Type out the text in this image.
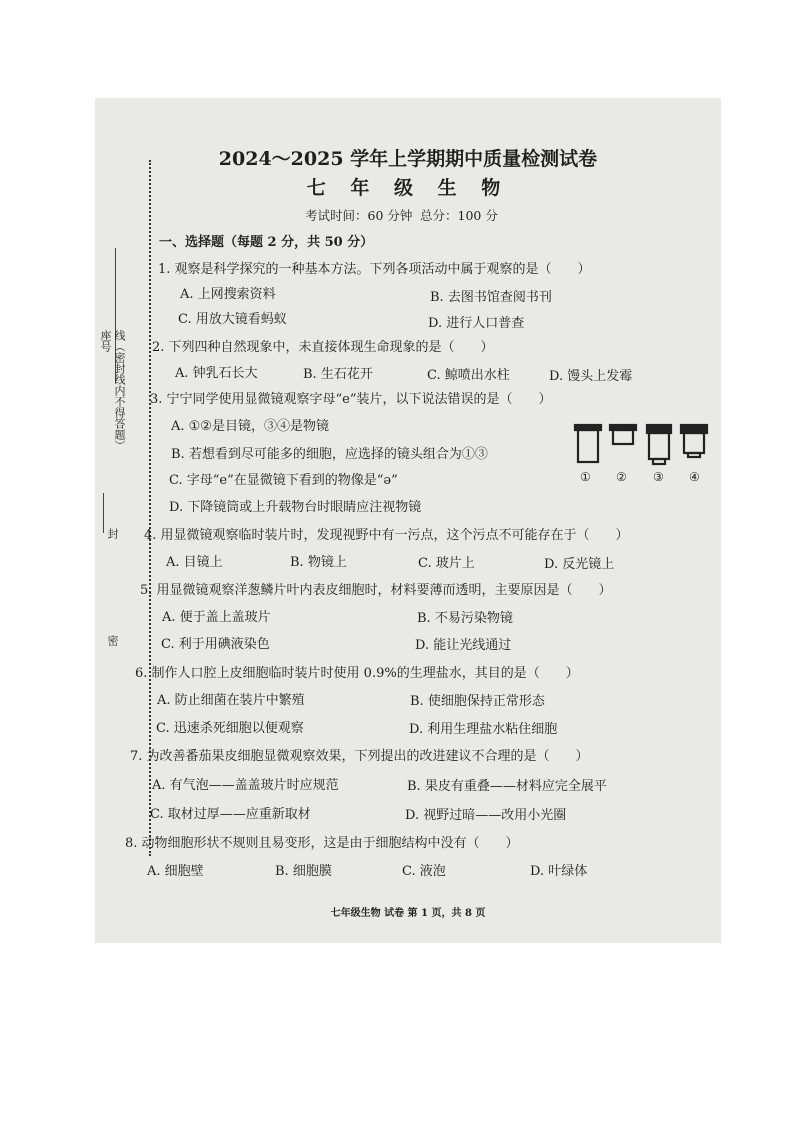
座号 线（密封线内不得答题）
封
密
2024～2025 学年上学期期中质量检测试卷
七 年 级 生 物
考试时间：60 分钟 总分：100 分
一、选择题（每题 2 分，共 50 分）
1. 观察是科学探究的一种基本方法。下列各项活动中属于观察的是（　　）
A. 上网搜索资料	B. 去图书馆查阅书刊
C. 用放大镜看蚂蚁	D. 进行人口普查
2. 下列四种自然现象中，未直接体现生命现象的是（　　）
A. 钟乳石长大	B. 生石花开	C. 鲸喷出水柱	D. 馒头上发霉
3. 宁宁同学使用显微镜观察字母“e”装片，以下说法错误的是（　　）
A. ①②是目镜，③④是物镜
B. 若想看到尽可能多的细胞，应选择的镜头组合为①③
C. 字母“e”在显微镜下看到的物像是“ə”
D. 下降镜筒或上升载物台时眼睛应注视物镜
① ② ③ ④
4. 用显微镜观察临时装片时，发现视野中有一污点，这个污点不可能存在于（　　）
A. 目镜上	B. 物镜上	C. 玻片上	D. 反光镜上
5. 用显微镜观察洋葱鳞片叶内表皮细胞时，材料要薄而透明，主要原因是（　　）
A. 便于盖上盖玻片	B. 不易污染物镜
C. 利于用碘液染色	D. 能让光线通过
6. 制作人口腔上皮细胞临时装片时使用 0.9%的生理盐水，其目的是（　　）
A. 防止细菌在装片中繁殖	B. 使细胞保持正常形态
C. 迅速杀死细胞以便观察	D. 利用生理盐水粘住细胞
7. 为改善番茄果皮细胞显微观察效果，下列提出的改进建议不合理的是（　　）
A. 有气泡——盖盖玻片时应规范	B. 果皮有重叠——材料应完全展平
C. 取材过厚——应重新取材	D. 视野过暗——改用小光圈
8. 动物细胞形状不规则且易变形，这是由于细胞结构中没有（　　）
A. 细胞壁	B. 细胞膜	C. 液泡	D. 叶绿体
七年级生物 试卷 第 1 页，共 8 页
